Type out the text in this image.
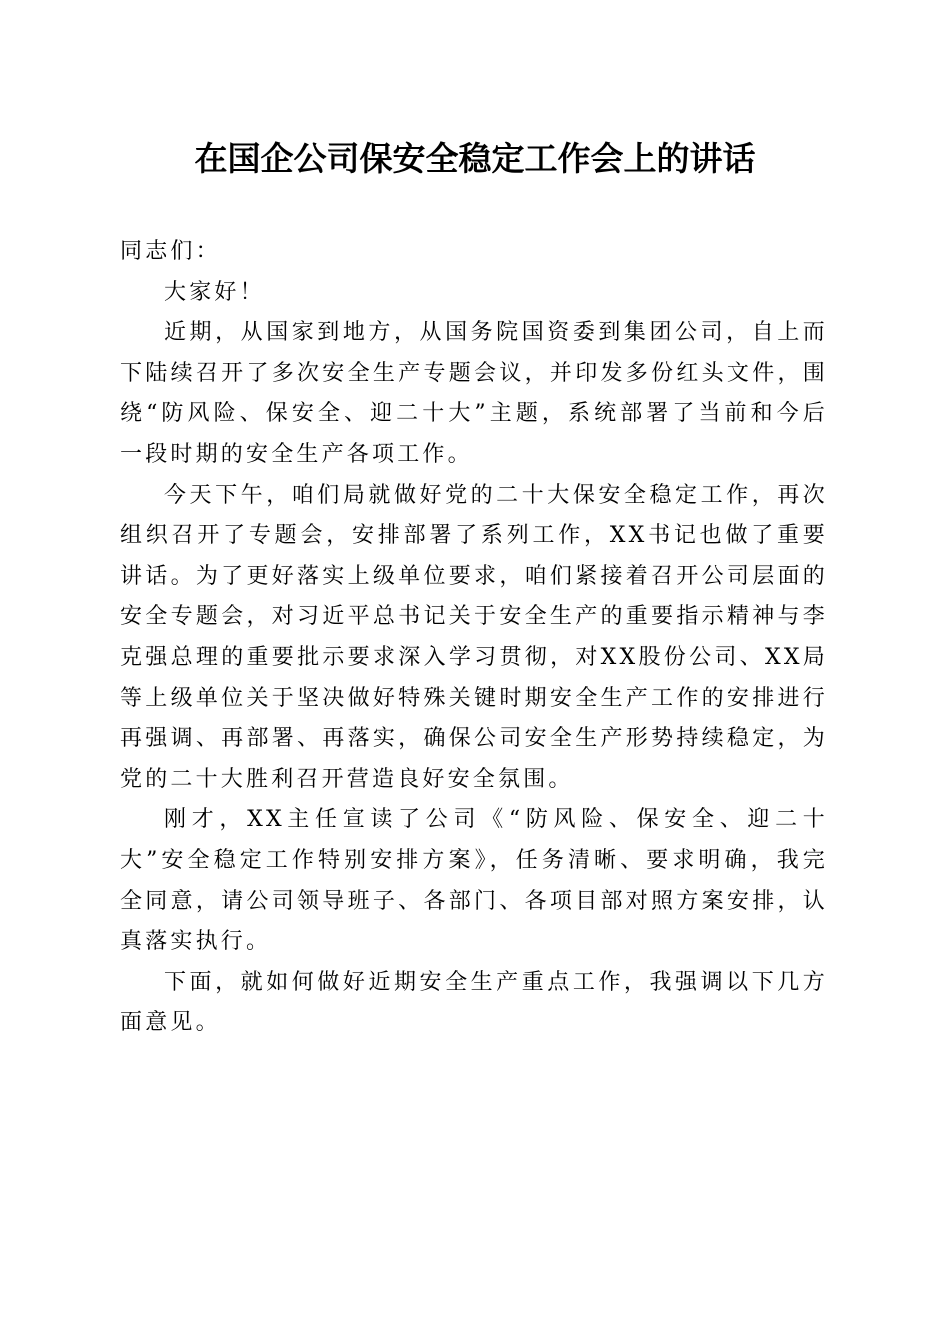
在国企公司保安全稳定工作会上的讲话

同志们：

大家好！

近期，从国家到地方，从国务院国资委到集团公司，自上而下陆续召开了多次安全生产专题会议，并印发多份红头文件，围绕“防风险、保安全、迎二十大”主题，系统部署了当前和今后一段时期的安全生产各项工作。

今天下午，咱们局就做好党的二十大保安全稳定工作，再次组织召开了专题会，安排部署了系列工作，XX书记也做了重要讲话。为了更好落实上级单位要求，咱们紧接着召开公司层面的安全专题会，对习近平总书记关于安全生产的重要指示精神与李克强总理的重要批示要求深入学习贯彻，对XX股份公司、XX局等上级单位关于坚决做好特殊关键时期安全生产工作的安排进行再强调、再部署、再落实，确保公司安全生产形势持续稳定，为党的二十大胜利召开营造良好安全氛围。

刚才，XX主任宣读了公司《“防风险、保安全、迎二十大”安全稳定工作特别安排方案》，任务清晰、要求明确，我完全同意，请公司领导班子、各部门、各项目部对照方案安排，认真落实执行。

下面，就如何做好近期安全生产重点工作，我强调以下几方面意见。
